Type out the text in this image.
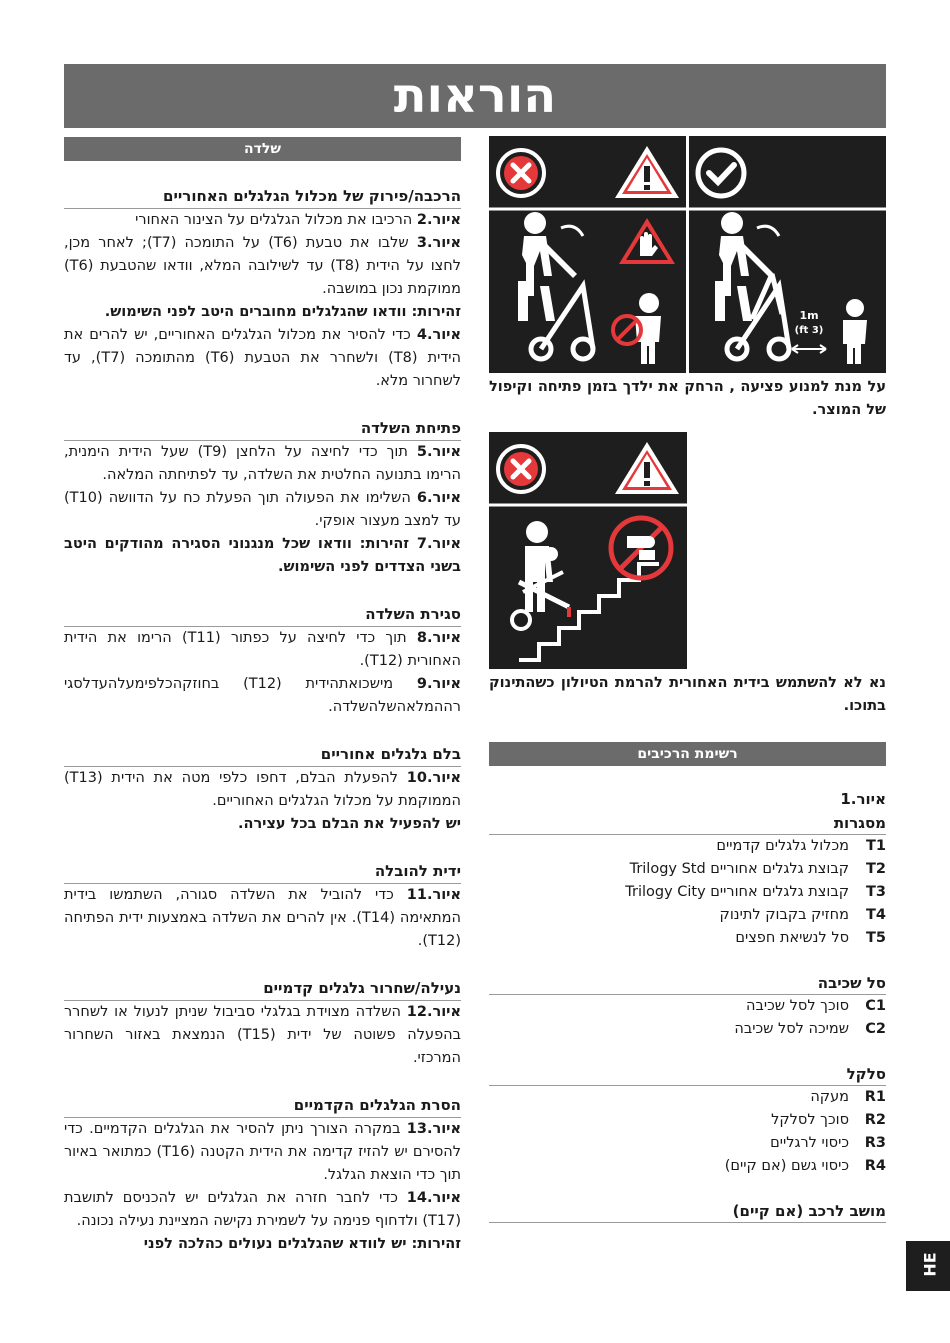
הוראות
שלדה
הרכבה/פירוק של מכלול הגלגלים האחוריים

איור.2 הרכיבו את מכלול הגלגלים על הצינור האחורי

איור.3 שלבו את טבעת (T6) על התומכה (T7); לאחר מכן, לחצו על הידית (T8) עד לשילובה המלא, וודאו שהטבעת (T6) ממוקמת נכון במושבה.

זהירות: וודאו שהגלגלים מחוברים היטב לפני השימוש.

איור.4 כדי להסיר את מכלול הגלגלים האחוריים, יש להרים את הידית (T8) ולשחרר את הטבעת (T6) מהתומכה (T7), עד לשחרור מלא.

פתיחת השלדה

איור.5 תוך כדי לחיצה על הלחצן (T9) שעל הידית הימנית, הרימו בתנועה החלטית את השלדה, עד לפתיחתה המלאה.

איור.6 השלימו את הפעולה תוך הפעלת כח על הדוושה (T10) עד למצב מעצור אופקי.

איור.7 זהירות: וודאו שכל מנגנוני הסגירה מהודקים היטב בשני הצדדים לפני השימוש.

סגירת השלדה

איור.8 תוך כדי לחיצה על כפתור (T11) הרימו את הידית האחורית (T12).

איור.9 מישכואתהידית (T12) בחוזקהכלפימעלהעדלסגי רההמלאהשלהשלדה.

בלם גלגלים אחוריים

איור.10 להפעלת הבלם, דחפו כלפי מטה את הידית (T13) הממוקמת על מכלול הגלגלים האחוריים.

יש להפעיל את הבלם בכל עצירה.

ידית להובלה

איור.11 כדי להוביל את השלדה סגורה, השתמשו בידית המתאימה (T14). אין להרים את השלדה באמצעות ידית הפתיחה (T12).

נעילה/שחרור גלגלים קדמיים

איור.12 השלדה מצוידת בגלגלי סביבול שניתן לנעול או לשחרר בהפעלה פשוטה של ידית (T15) הנמצאת באזור השחרור המרכזי.

הסרת הגלגלים הקדמיים

איור.13 במקרה הצורך ניתן להסיר את הגלגלים הקדמיים. כדי להסירם יש להזיז קדימה את הידית הקטנה (T16) כמתואר באיור תוך כדי הוצאת הגלגל.

איור.14 כדי לחבר חזרה את הגלגלים יש להכניסם לתושבת (T17) ולדחוף פנימה על לשמירת נקישה המציינת נעילה נכונה.

זהירות: יש לוודא שהגלגלים נעולים כהלכה לפני

1m
(3 ft)

על מנת למנוע פציעה , הרחק את ילדך בזמן פתיחה וקיפול של המוצר.

נא לא להשתמש בידית האחורית להרמת הטיולון כשהתינוק בתוכו.

רשימת הרכיבים
איור.1
מסגרות
T1
מכלול גלגלים קדמיים
T2
קבוצת גלגלים אחוריים Trilogy Std
T3
קבוצת גלגלים אחוריים Trilogy City
T4
מחזיק בקבוק לתינוק
T5
סל לנשיאת חפצים
סל שכיבה
C1
סוכך לסל שכיבה
C2
שמיכה לסל שכיבה
סלקל
R1
מעקה
R2
סוכך לסלקל
R3
כיסוי לרגליים
R4
כיסוי גשם (אם קיים)
מושב לרכב (אם קיים)
HE
